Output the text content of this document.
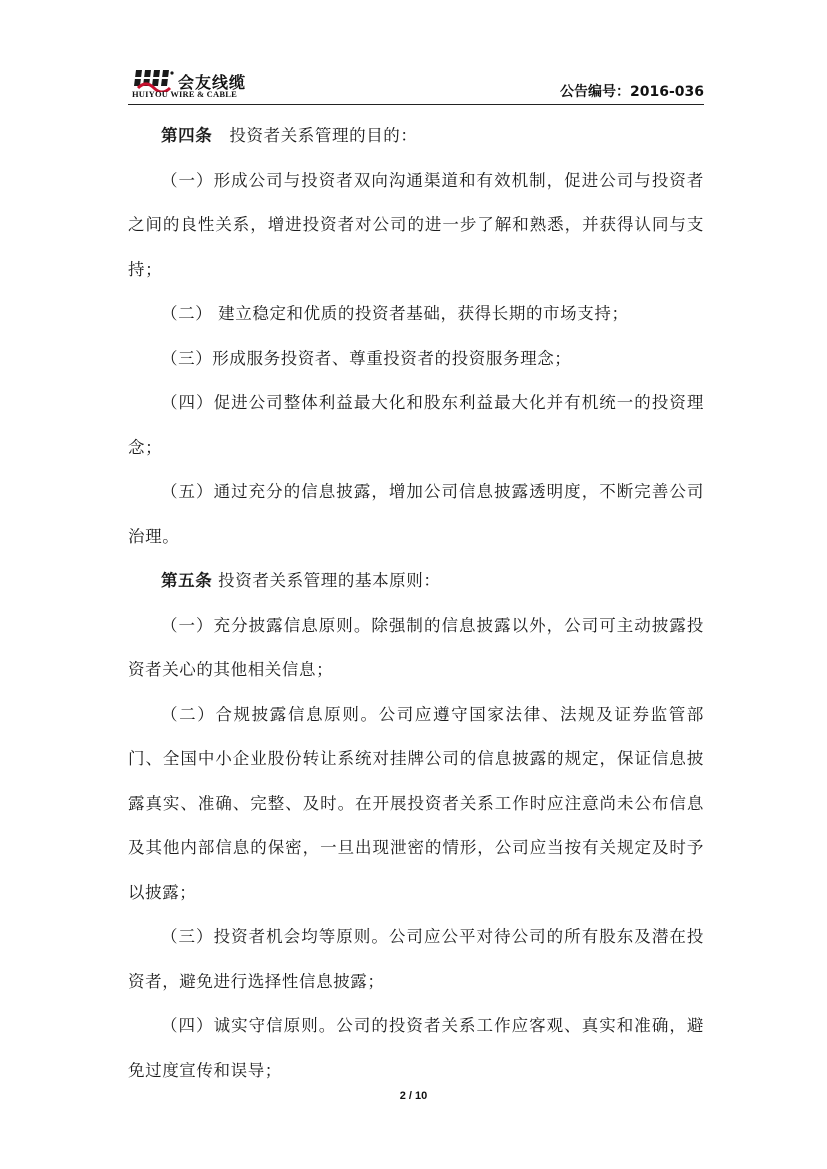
会友线缆
HUIYOU WIRE & CABLE	公告编号：2016-036

第四条　投资者关系管理的目的：

（一）形成公司与投资者双向沟通渠道和有效机制，促进公司与投资者之间的良性关系，增进投资者对公司的进一步了解和熟悉，并获得认同与支持；

（二） 建立稳定和优质的投资者基础，获得长期的市场支持；

（三）形成服务投资者、尊重投资者的投资服务理念；

（四）促进公司整体利益最大化和股东利益最大化并有机统一的投资理念；

（五）通过充分的信息披露，增加公司信息披露透明度，不断完善公司治理。

第五条 投资者关系管理的基本原则：

（一）充分披露信息原则。除强制的信息披露以外，公司可主动披露投资者关心的其他相关信息；

（二）合规披露信息原则。公司应遵守国家法律、法规及证券监管部门、全国中小企业股份转让系统对挂牌公司的信息披露的规定，保证信息披露真实、准确、完整、及时。在开展投资者关系工作时应注意尚未公布信息及其他内部信息的保密，一旦出现泄密的情形，公司应当按有关规定及时予以披露；

（三）投资者机会均等原则。公司应公平对待公司的所有股东及潜在投资者，避免进行选择性信息披露；

（四）诚实守信原则。公司的投资者关系工作应客观、真实和准确，避免过度宣传和误导；

2 / 10
